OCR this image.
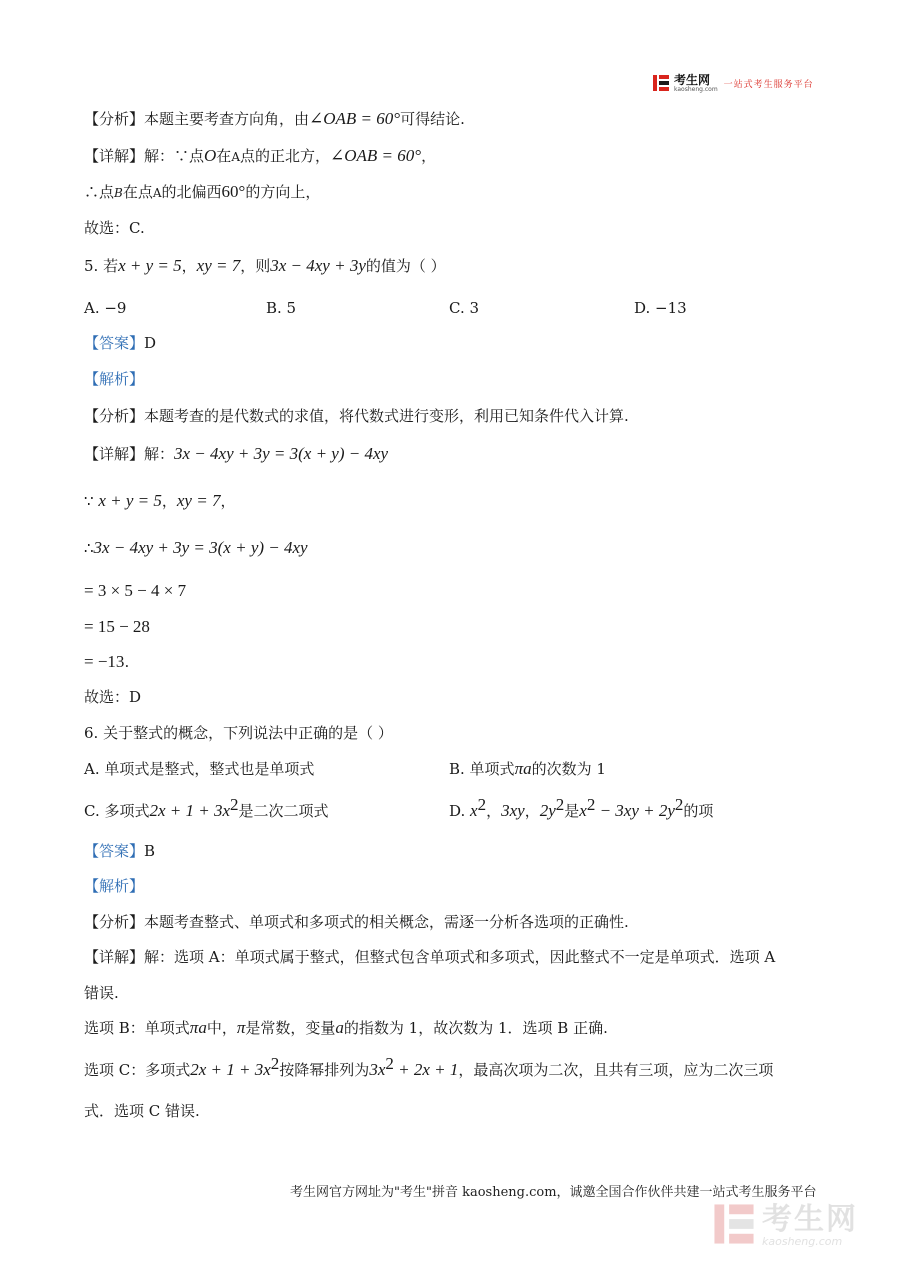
考生网
kaosheng.com 一站式考生服务平台
【分析】本题主要考查方向角，由∠OAB = 60°可得结论.
【详解】解：∵点O在A点的正北方，∠OAB = 60°，
∴点B在点A的北偏西60°的方向上，
故选：C.
5. 若x + y = 5，xy = 7，则3x − 4xy + 3y的值为（ ）
A. −9	B. 5	C. 3	D. −13
【答案】D
【解析】
【分析】本题考查的是代数式的求值，将代数式进行变形，利用已知条件代入计算.
【详解】解：3x − 4xy + 3y = 3(x + y) − 4xy
∵ x + y = 5，xy = 7，
∴3x − 4xy + 3y = 3(x + y) − 4xy
= 3 × 5 − 4 × 7
= 15 − 28
= −13.
故选：D
6. 关于整式的概念，下列说法中正确的是（ ）
A. 单项式是整式，整式也是单项式	B. 单项式πa的次数为 1
C. 多项式$2x + 1 + 3x^2$是二次二项式	D. $x^2$，3xy，$2y^2$是$x^2 - 3xy + 2y^2$的项
【答案】B
【解析】
【分析】本题考查整式、单项式和多项式的相关概念，需逐一分析各选项的正确性.
【详解】解：选项 A：单项式属于整式，但整式包含单项式和多项式，因此整式不一定是单项式．选项 A
错误.
选项 B：单项式πa中，π是常数，变量a的指数为 1，故次数为 1．选项 B 正确.
选项 C：多项式$2x + 1 + 3x^2$按降幂排列为$3x^2 + 2x + 1$，最高次项为二次，且共有三项，应为二次三项
式．选项 C 错误.
考生网官方网址为"考生"拼音 kaosheng.com，诚邀全国合作伙伴共建一站式考生服务平台
考生网
kaosheng.com
